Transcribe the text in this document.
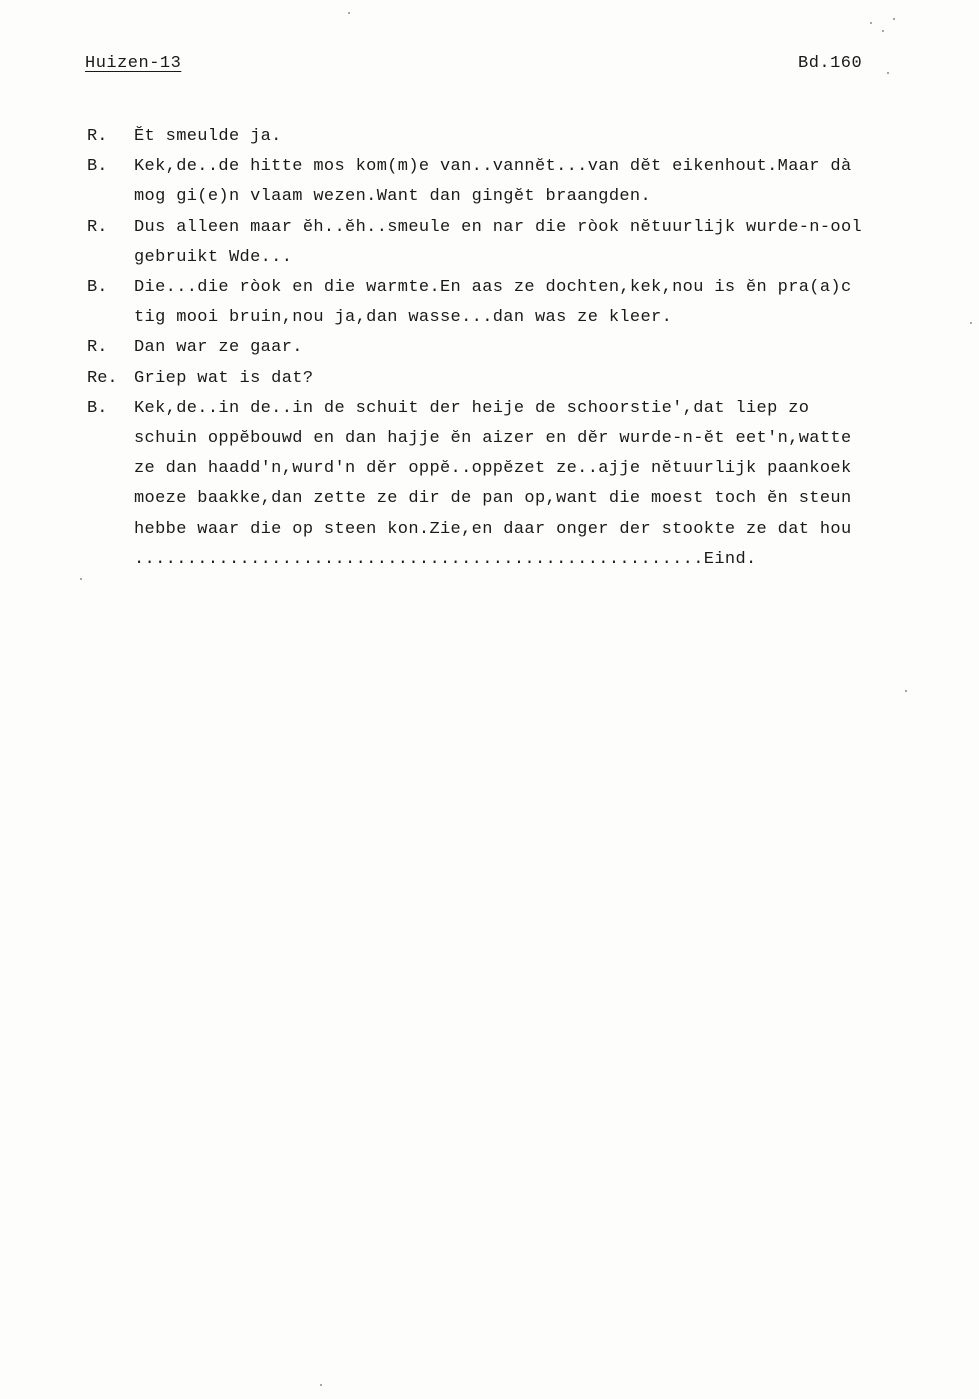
Huizen-13	Bd.160
R.	Ĕt smeulde ja.
B.	Kek,de..de hitte mos kom(m)e van..vannĕt...van dĕt eikenhout.Maar dà
mog gi(e)n vlaam wezen.Want dan gingĕt braangden.
R.	Dus alleen maar ĕh..ĕh..smeule en nar die ròok nĕtuurlijk wurde-n-ool
gebruikt Wde...
B.	Die...die ròok en die warmte.En aas ze dochten,kek,nou is ĕn pra(a)c
tig mooi bruin,nou ja,dan wasse...dan was ze kleer.
R.	Dan war ze gaar.
Re. Griep wat is dat?
B.	Kek,de..in de..in de schuit der heije de schoorstie',dat liep zo
schuin oppĕbouwd en dan hajje ĕn aizer en dĕr wurde-n-ĕt eet'n,watte
ze dan haadd'n,wurd'n dĕr oppĕ..oppĕzet ze..ajje nĕtuurlijk paankoek
moeze baakke,dan zette ze dir de pan op,want die moest toch ĕn steun
hebbe waar die op steen kon.Zie,en daar onger der stookte ze dat hou
......................................................Eind.
